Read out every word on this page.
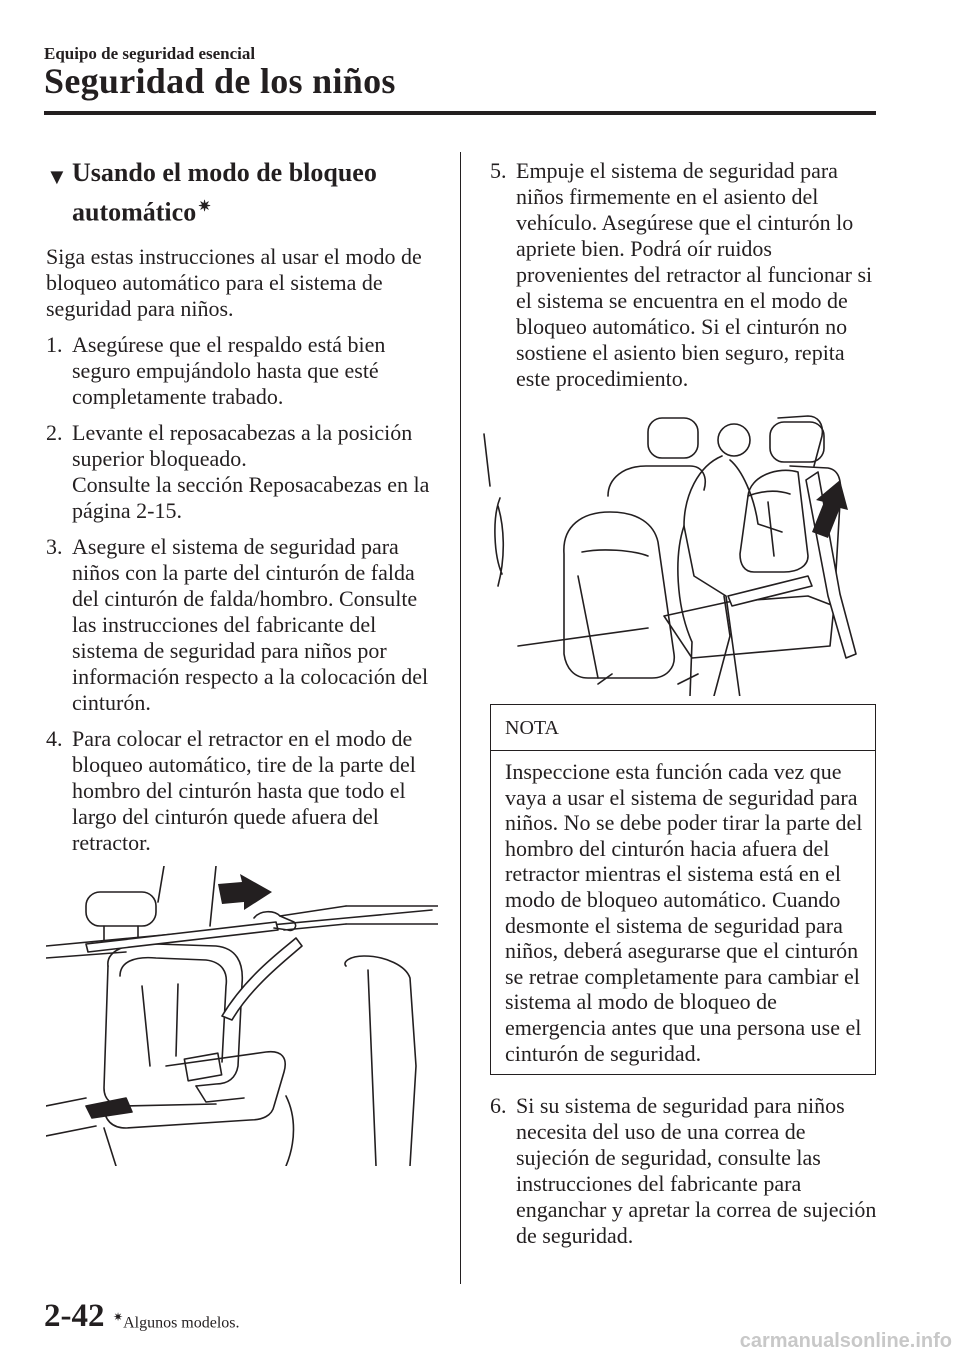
Equipo de seguridad esencial
Seguridad de los niños
▼ Usando el modo de bloqueo
automático ✷

Siga estas instrucciones al usar el modo de bloqueo automático para el sistema de seguridad para niños.

1. Asegúrese que el respaldo está bien seguro empujándolo hasta que esté completamente trabado.
2. Levante el reposacabezas a la posición superior bloqueado.
Consulte la sección Reposacabezas en la página 2-15.
3. Asegure el sistema de seguridad para niños con la parte del cinturón de falda del cinturón de falda/hombro. Consulte las instrucciones del fabricante del sistema de seguridad para niños por información respecto a la colocación del cinturón.
4. Para colocar el retractor en el modo de bloqueo automático, tire de la parte del hombro del cinturón hasta que todo el largo del cinturón quede afuera del retractor.
5. Empuje el sistema de seguridad para niños firmemente en el asiento del vehículo. Asegúrese que el cinturón lo apriete bien. Podrá oír ruidos provenientes del retractor al funcionar si el sistema se encuentra en el modo de bloqueo automático. Si el cinturón no sostiene el asiento bien seguro, repita este procedimiento.
NOTA
Inspeccione esta función cada vez que vaya a usar el sistema de seguridad para niños. No se debe poder tirar la parte del hombro del cinturón hacia afuera del retractor mientras el sistema está en el modo de bloqueo automático. Cuando desmonte el sistema de seguridad para niños, deberá asegurarse que el cinturón se retrae completamente para cambiar el sistema al modo de bloqueo de emergencia antes que una persona use el cinturón de seguridad.
6. Si su sistema de seguridad para niños necesita del uso de una correa de sujeción de seguridad, consulte las instrucciones del fabricante para enganchar y apretar la correa de sujeción de seguridad.
2-42 ✷Algunos modelos.
carmanualsonline.info
